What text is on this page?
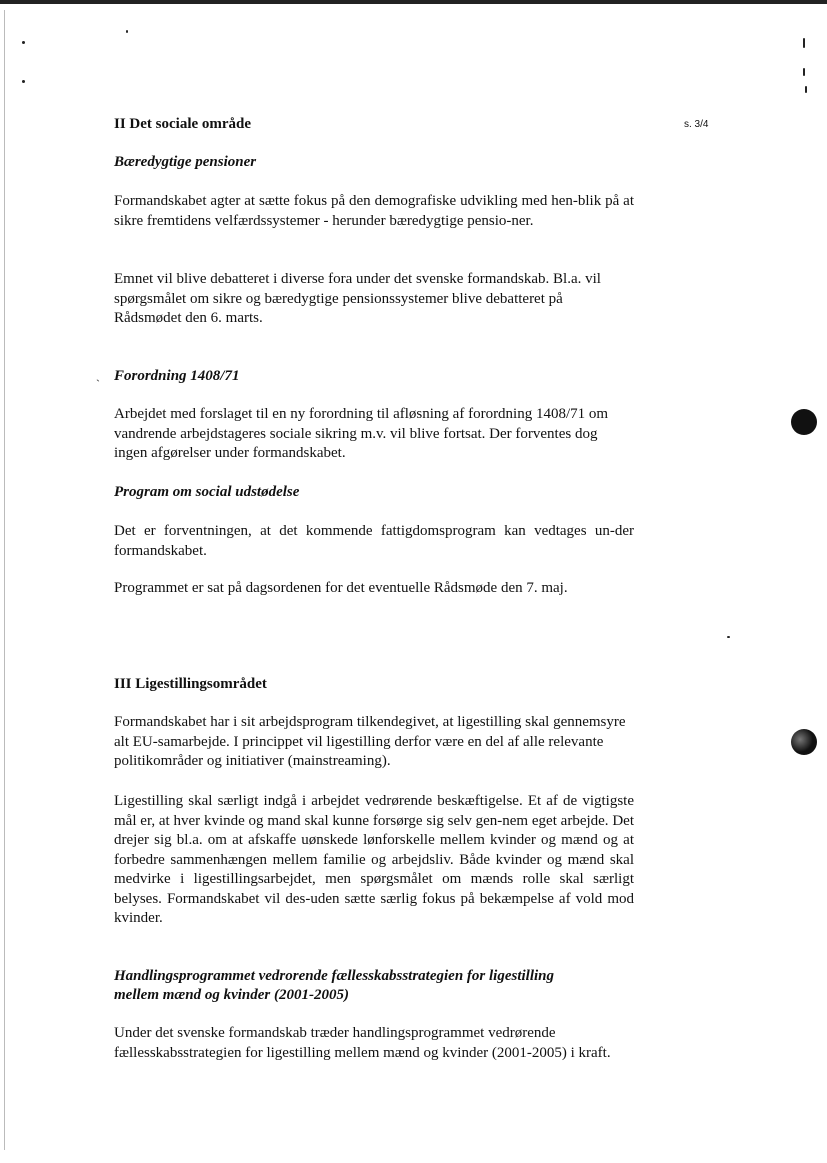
s. 3/4
II Det sociale område
Bæredygtige pensioner

Formandskabet agter at sætte fokus på den demografiske udvikling med hen-blik på at sikre fremtidens velfærdssystemer - herunder bæredygtige pensio-ner.

Emnet vil blive debatteret i diverse fora under det svenske formandskab. Bl.a. vil spørgsmålet om sikre og bæredygtige pensionssystemer blive debatteret på Rådsmødet den 6. marts.

ˎ Forordning 1408/71

Arbejdet med forslaget til en ny forordning til afløsning af forordning 1408/71 om vandrende arbejdstageres sociale sikring m.v. vil blive fortsat. Der forventes dog ingen afgørelser under formandskabet.

Program om social udstødelse

Det er forventningen, at det kommende fattigdomsprogram kan vedtages un-der formandskabet.

Programmet er sat på dagsordenen for det eventuelle Rådsmøde den 7. maj.

III Ligestillingsområdet

Formandskabet har i sit arbejdsprogram tilkendegivet, at ligestilling skal gennemsyre alt EU-samarbejde. I princippet vil ligestilling derfor være en del af alle relevante politikområder og initiativer (mainstreaming).

Ligestilling skal særligt indgå i arbejdet vedrørende beskæftigelse. Et af de vigtigste mål er, at hver kvinde og mand skal kunne forsørge sig selv gen-nem eget arbejde. Det drejer sig bl.a. om at afskaffe uønskede lønforskelle mellem kvinder og mænd og at forbedre sammenhængen mellem familie og arbejdsliv. Både kvinder og mænd skal medvirke i ligestillingsarbejdet, men spørgsmålet om mænds rolle skal særligt belyses. Formandskabet vil des-uden sætte særlig fokus på bekæmpelse af vold mod kvinder.

Handlingsprogrammet vedrorende fællesskabsstrategien for ligestilling
mellem mænd og kvinder (2001-2005)

Under det svenske formandskab træder handlingsprogrammet vedrørende fællesskabsstrategien for ligestilling mellem mænd og kvinder (2001-2005) i kraft.
